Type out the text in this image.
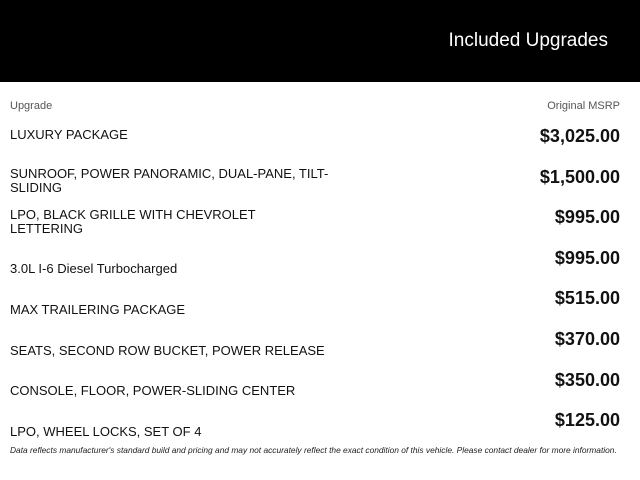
Included Upgrades
Upgrade	Original MSRP
LUXURY PACKAGE	$3,025.00
SUNROOF, POWER PANORAMIC, DUAL-PANE, TILT-SLIDING
$1,500.00
LPO, BLACK GRILLE WITH CHEVROLET LETTERING
$995.00
3.0L I-6 Diesel Turbocharged
$995.00
MAX TRAILERING PACKAGE
$515.00
SEATS, SECOND ROW BUCKET, POWER RELEASE
$370.00
CONSOLE, FLOOR, POWER-SLIDING CENTER
$350.00
LPO, WHEEL LOCKS, SET OF 4
$125.00
Data reflects manufacturer's standard build and pricing and may not accurately reflect the exact condition of this vehicle. Please contact dealer for more information.
